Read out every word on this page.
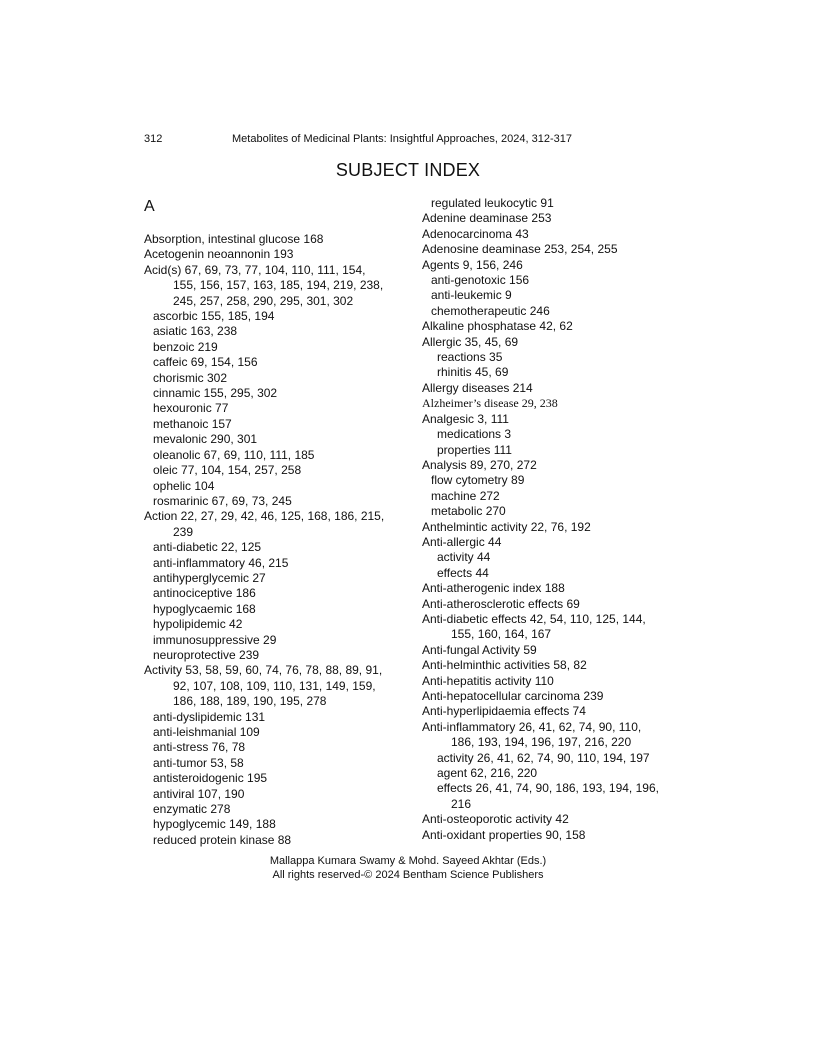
312	Metabolites of Medicinal Plants: Insightful Approaches, 2024, 312-317
SUBJECT INDEX
A
Absorption, intestinal glucose 168
Acetogenin neoannonin 193
Acid(s) 67, 69, 73, 77, 104, 110, 111, 154,
155, 156, 157, 163, 185, 194, 219, 238,
245, 257, 258, 290, 295, 301, 302
ascorbic 155, 185, 194
asiatic 163, 238
benzoic 219
caffeic 69, 154, 156
chorismic 302
cinnamic 155, 295, 302
hexouronic 77
methanoic 157
mevalonic 290, 301
oleanolic 67, 69, 110, 111, 185
oleic 77, 104, 154, 257, 258
ophelic 104
rosmarinic 67, 69, 73, 245
Action 22, 27, 29, 42, 46, 125, 168, 186, 215,
239
anti-diabetic 22, 125
anti-inflammatory 46, 215
antihyperglycemic 27
antinociceptive 186
hypoglycaemic 168
hypolipidemic 42
immunosuppressive 29
neuroprotective 239
Activity 53, 58, 59, 60, 74, 76, 78, 88, 89, 91,
92, 107, 108, 109, 110, 131, 149, 159,
186, 188, 189, 190, 195, 278
anti-dyslipidemic 131
anti-leishmanial 109
anti-stress 76, 78
anti-tumor 53, 58
antisteroidogenic 195
antiviral 107, 190
enzymatic 278
hypoglycemic 149, 188
reduced protein kinase 88
regulated leukocytic 91
Adenine deaminase 253
Adenocarcinoma 43
Adenosine deaminase 253, 254, 255
Agents 9, 156, 246
anti-genotoxic 156
anti-leukemic 9
chemotherapeutic 246
Alkaline phosphatase 42, 62
Allergic 35, 45, 69
reactions 35
rhinitis 45, 69
Allergy diseases 214
Alzheimer’s disease 29, 238
Analgesic 3, 111
medications 3
properties 111
Analysis 89, 270, 272
flow cytometry 89
machine 272
metabolic 270
Anthelmintic activity 22, 76, 192
Anti-allergic 44
activity 44
effects 44
Anti-atherogenic index 188
Anti-atherosclerotic effects 69
Anti-diabetic effects 42, 54, 110, 125, 144,
155, 160, 164, 167
Anti-fungal Activity 59
Anti-helminthic activities 58, 82
Anti-hepatitis activity 110
Anti-hepatocellular carcinoma 239
Anti-hyperlipidaemia effects 74
Anti-inflammatory 26, 41, 62, 74, 90, 110,
186, 193, 194, 196, 197, 216, 220
activity 26, 41, 62, 74, 90, 110, 194, 197
agent 62, 216, 220
effects 26, 41, 74, 90, 186, 193, 194, 196,
216
Anti-osteoporotic activity 42
Anti-oxidant properties 90, 158
Mallappa Kumara Swamy & Mohd. Sayeed Akhtar (Eds.)
All rights reserved-© 2024 Bentham Science Publishers
